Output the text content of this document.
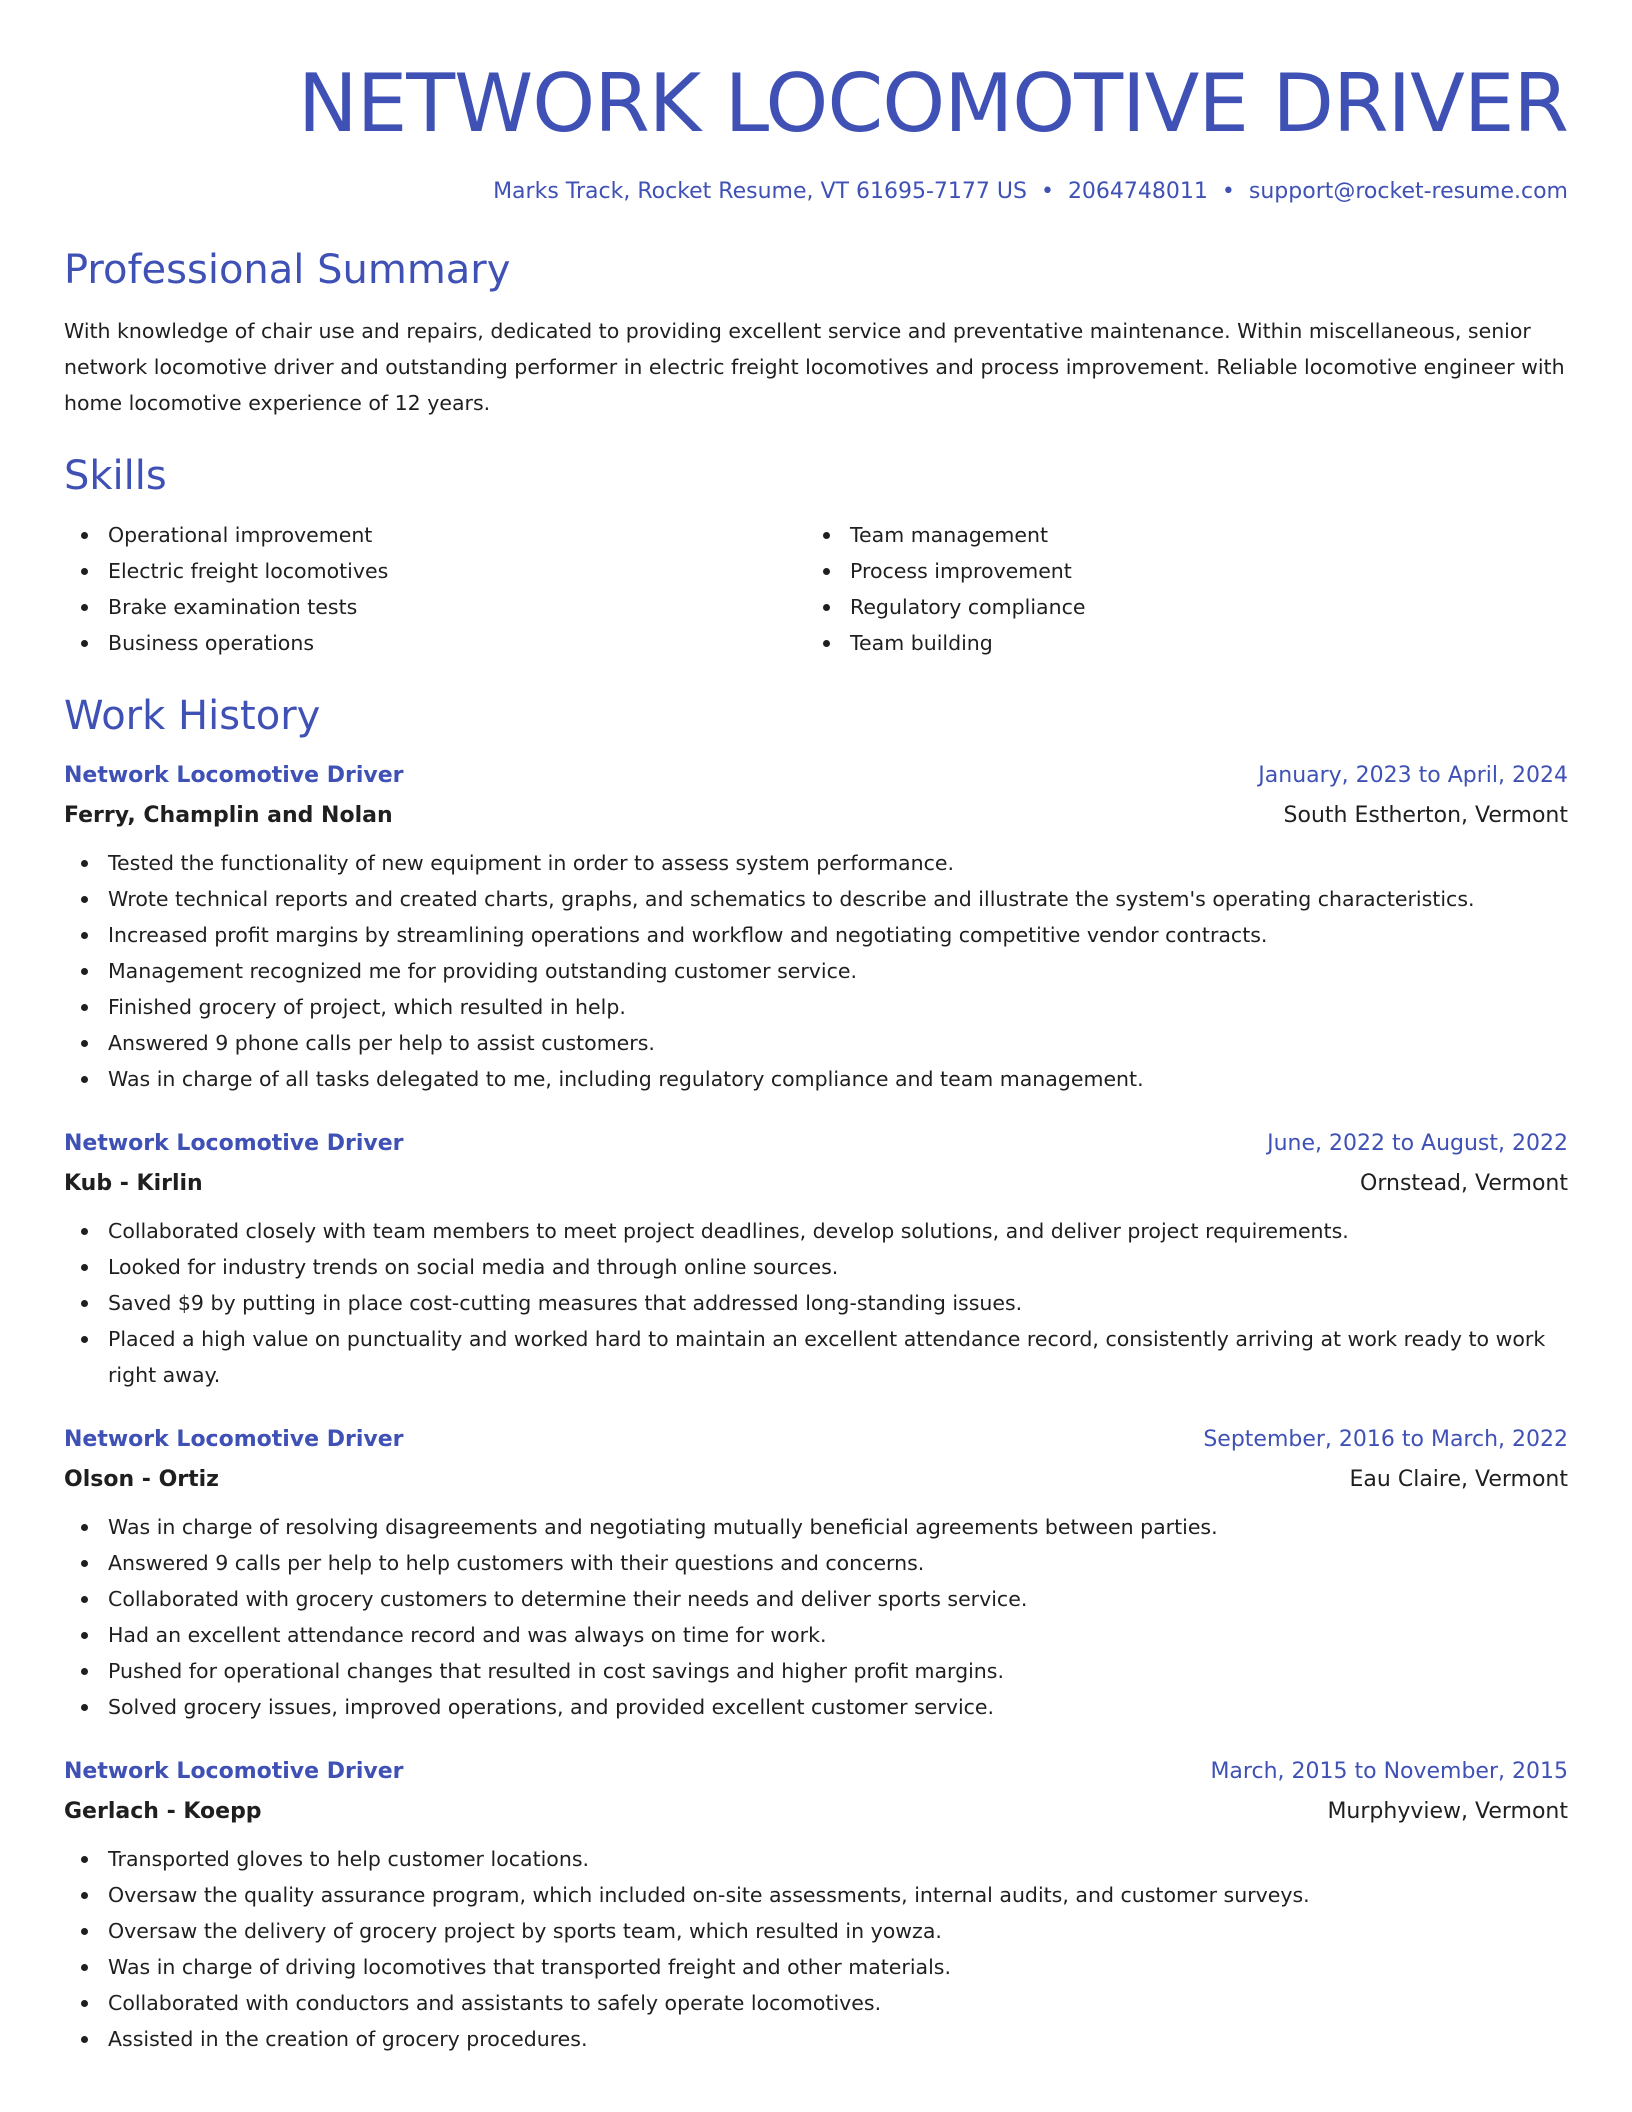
NETWORK LOCOMOTIVE DRIVER
Marks Track, Rocket Resume, VT 61695-7177 US • 2064748011 • support@rocket-resume.com
Professional Summary
With knowledge of chair use and repairs, dedicated to providing excellent service and preventative maintenance. Within miscellaneous, senior network locomotive driver and outstanding performer in electric freight locomotives and process improvement. Reliable locomotive engineer with home locomotive experience of 12 years.
Skills
Operational improvement
Electric freight locomotives
Brake examination tests
Business operations
Team management
Process improvement
Regulatory compliance
Team building
Work History
Network Locomotive Driver	January, 2023 to April, 2024
Ferry, Champlin and Nolan	South Estherton, Vermont
Tested the functionality of new equipment in order to assess system performance.
Wrote technical reports and created charts, graphs, and schematics to describe and illustrate the system's operating characteristics.
Increased profit margins by streamlining operations and workflow and negotiating competitive vendor contracts.
Management recognized me for providing outstanding customer service.
Finished grocery of project, which resulted in help.
Answered 9 phone calls per help to assist customers.
Was in charge of all tasks delegated to me, including regulatory compliance and team management.
Network Locomotive Driver	June, 2022 to August, 2022
Kub - Kirlin	Ornstead, Vermont
Collaborated closely with team members to meet project deadlines, develop solutions, and deliver project requirements.
Looked for industry trends on social media and through online sources.
Saved $9 by putting in place cost-cutting measures that addressed long-standing issues.
Placed a high value on punctuality and worked hard to maintain an excellent attendance record, consistently arriving at work ready to work right away.
Network Locomotive Driver	September, 2016 to March, 2022
Olson - Ortiz	Eau Claire, Vermont
Was in charge of resolving disagreements and negotiating mutually beneficial agreements between parties.
Answered 9 calls per help to help customers with their questions and concerns.
Collaborated with grocery customers to determine their needs and deliver sports service.
Had an excellent attendance record and was always on time for work.
Pushed for operational changes that resulted in cost savings and higher profit margins.
Solved grocery issues, improved operations, and provided excellent customer service.
Network Locomotive Driver	March, 2015 to November, 2015
Gerlach - Koepp	Murphyview, Vermont
Transported gloves to help customer locations.
Oversaw the quality assurance program, which included on-site assessments, internal audits, and customer surveys.
Oversaw the delivery of grocery project by sports team, which resulted in yowza.
Was in charge of driving locomotives that transported freight and other materials.
Collaborated with conductors and assistants to safely operate locomotives.
Assisted in the creation of grocery procedures.
